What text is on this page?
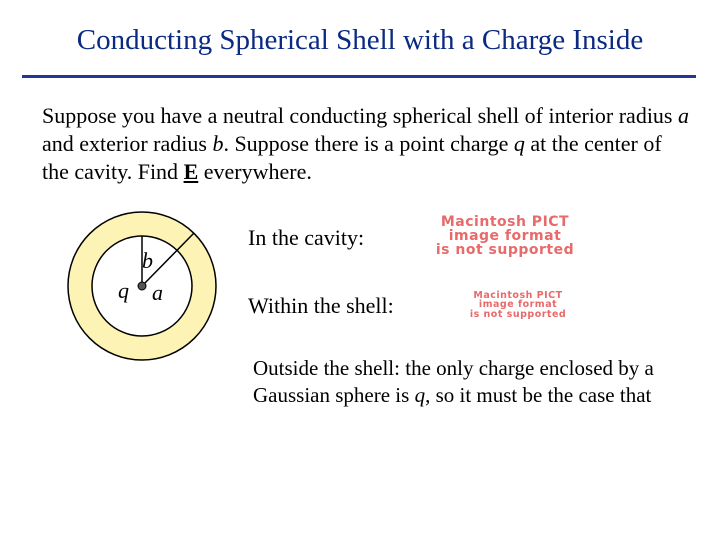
Conducting Spherical Shell with a Charge Inside
Suppose you have a neutral conducting spherical shell of interior radius a and exterior radius b. Suppose there is a point charge q at the center of the cavity. Find E everywhere.
b
q a
In the cavity:
Macintosh PICT
image format
is not supported
Within the shell:	Macintosh PICT
image format
is not supported
Outside the shell: the only charge enclosed by a Gaussian sphere is q, so it must be the case that
